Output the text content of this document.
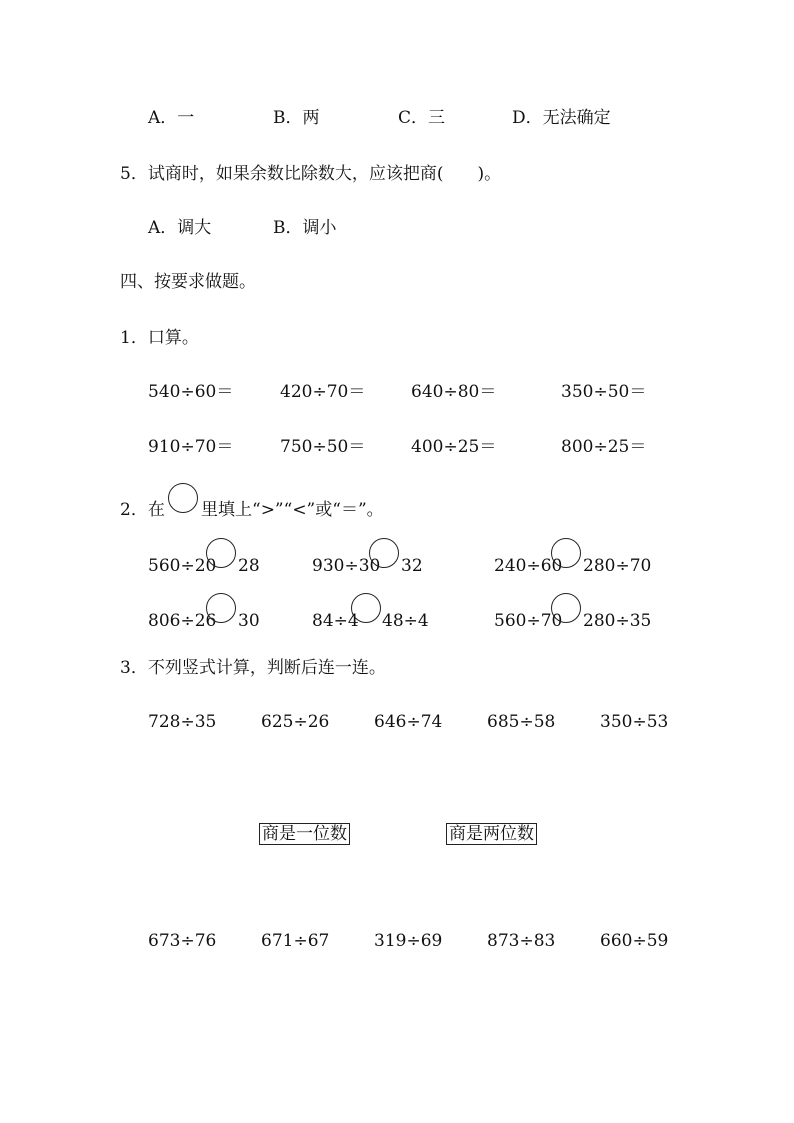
A．一	B．两	C．三	D．无法确定
5．试商时，如果余数比除数大，应该把商(　　)。
A．调大	B．调小
四、按要求做题。
1．口算。
540÷60＝	420÷70＝	640÷80＝	350÷50＝
910÷70＝	750÷50＝	400÷25＝	800÷25＝
2．在 里填上“>”“<”或“＝”。
560÷20 28	930÷30 32	240÷60 280÷70
806÷26 30	84÷4 48÷4	560÷70 280÷35
3．不列竖式计算，判断后连一连。
728÷35	625÷26	646÷74	685÷58	350÷53
商是一位数	商是两位数
673÷76	671÷67	319÷69	873÷83	660÷59
